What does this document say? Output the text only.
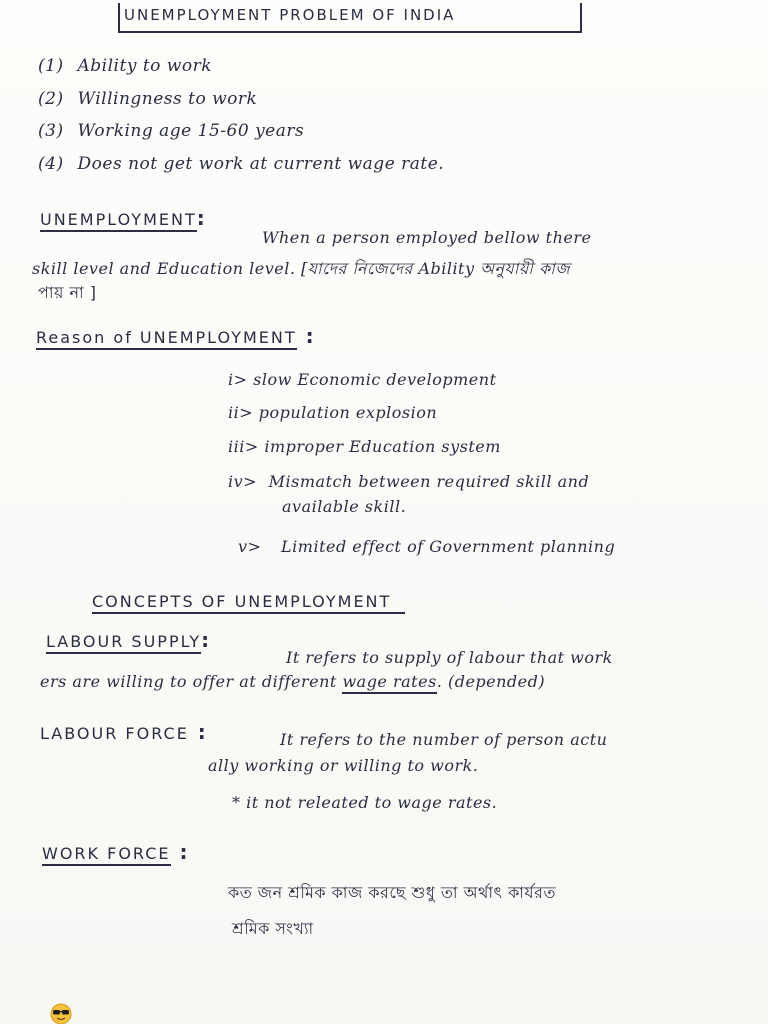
UNEMPLOYMENT PROBLEM OF INDIA
(1) Ability to work
(2) Willingness to work
(3) Working age 15-60 years
(4) Does not get work at current wage rate.
UNEMPLOYMENT:
When a person employed bellow there
skill level and Education level. [যাদের নিজেদের Ability অনুযায়ী কাজ
পায় না ]
Reason of UNEMPLOYMENT :
i> slow Economic development
ii> population explosion
iii> improper Education system
iv> Mismatch between required skill and
available skill.
v> Limited effect of Government planning
CONCEPTS OF UNEMPLOYMENT
LABOUR SUPPLY:
It refers to supply of labour that work
ers are willing to offer at different wage rates. (depended)
LABOUR FORCE :	It refers to the number of person actu
ally working or willing to work.
* it not releated to wage rates.
WORK FORCE :
কত জন শ্রমিক কাজ করছে শুধু তা অর্থাৎ কার্যরত
শ্রমিক সংখ্যা
